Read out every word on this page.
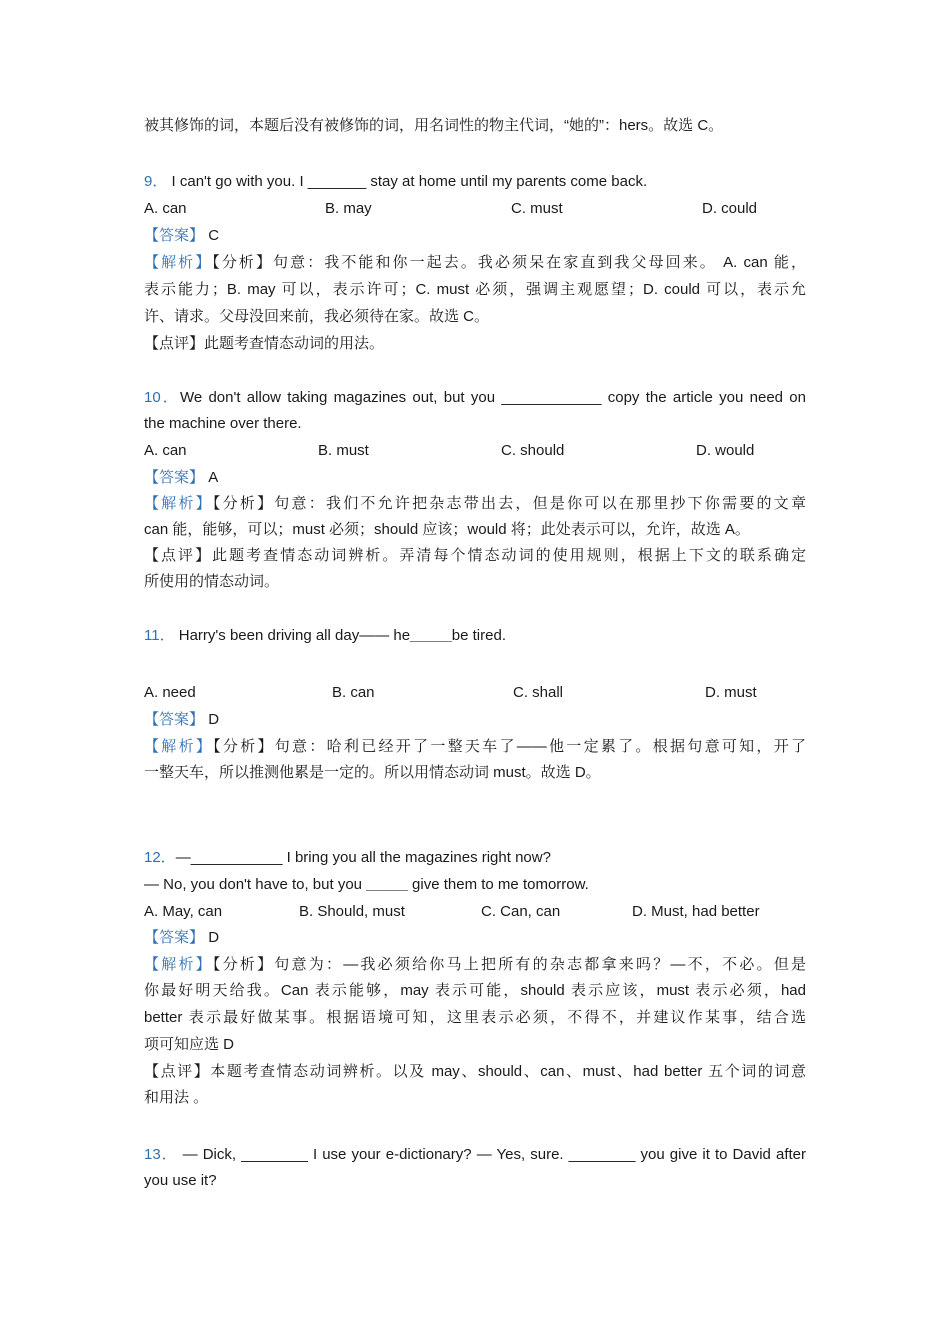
被其修饰的词，本题后没有被修饰的词，用名词性的物主代词，“她的”：hers。故选 C。
9． I can't go with you. I _______ stay at home until my parents come back.
A. can	B. may	C. must	D. could
【答案】 C
【解析】【分析】句意：我不能和你一起去。我必须呆在家直到我父母回来。 A. can 能，
表示能力；B. may 可以，表示许可；C. must 必须，强调主观愿望；D. could 可以，表示允
许、请求。父母没回来前，我必须待在家。故选 C。
【点评】此题考查情态动词的用法。
10．We don't allow taking magazines out, but you ____________ copy the article you need on
the machine over there.
A. can	B. must	C. should	D. would
【答案】 A
【解析】【分析】句意：我们不允许把杂志带出去，但是你可以在那里抄下你需要的文章
can 能，能够，可以；must 必须；should 应该；would 将；此处表示可以，允许，故选 A。
【点评】此题考查情态动词辨析。弄清每个情态动词的使用规则，根据上下文的联系确定
所使用的情态动词。
11． Harry's been driving all day—— he_____be tired.
A. need	B. can	C. shall	D. must
【答案】 D
【解析】【分析】句意：哈利已经开了一整天车了——他一定累了。根据句意可知，开了
一整天车，所以推测他累是一定的。所以用情态动词 must。故选 D。
12．—___________ I bring you all the magazines right now?
— No, you don't have to, but you _____ give them to me tomorrow.
A. May, can	B. Should, must	C. Can, can	D. Must, had better
【答案】 D
【解析】【分析】句意为：—我必须给你马上把所有的杂志都拿来吗？—不，不必。但是
你最好明天给我。Can 表示能够，may 表示可能，should 表示应该，must 表示必须，had
better 表示最好做某事。根据语境可知，这里表示必须，不得不，并建议作某事，结合选
项可知应选 D
【点评】本题考查情态动词辨析。以及 may、should、can、must、had better 五个词的词意
和用法 。
13． — Dick, ________ I use your e-dictionary? — Yes, sure. ________ you give it to David after
you use it?
